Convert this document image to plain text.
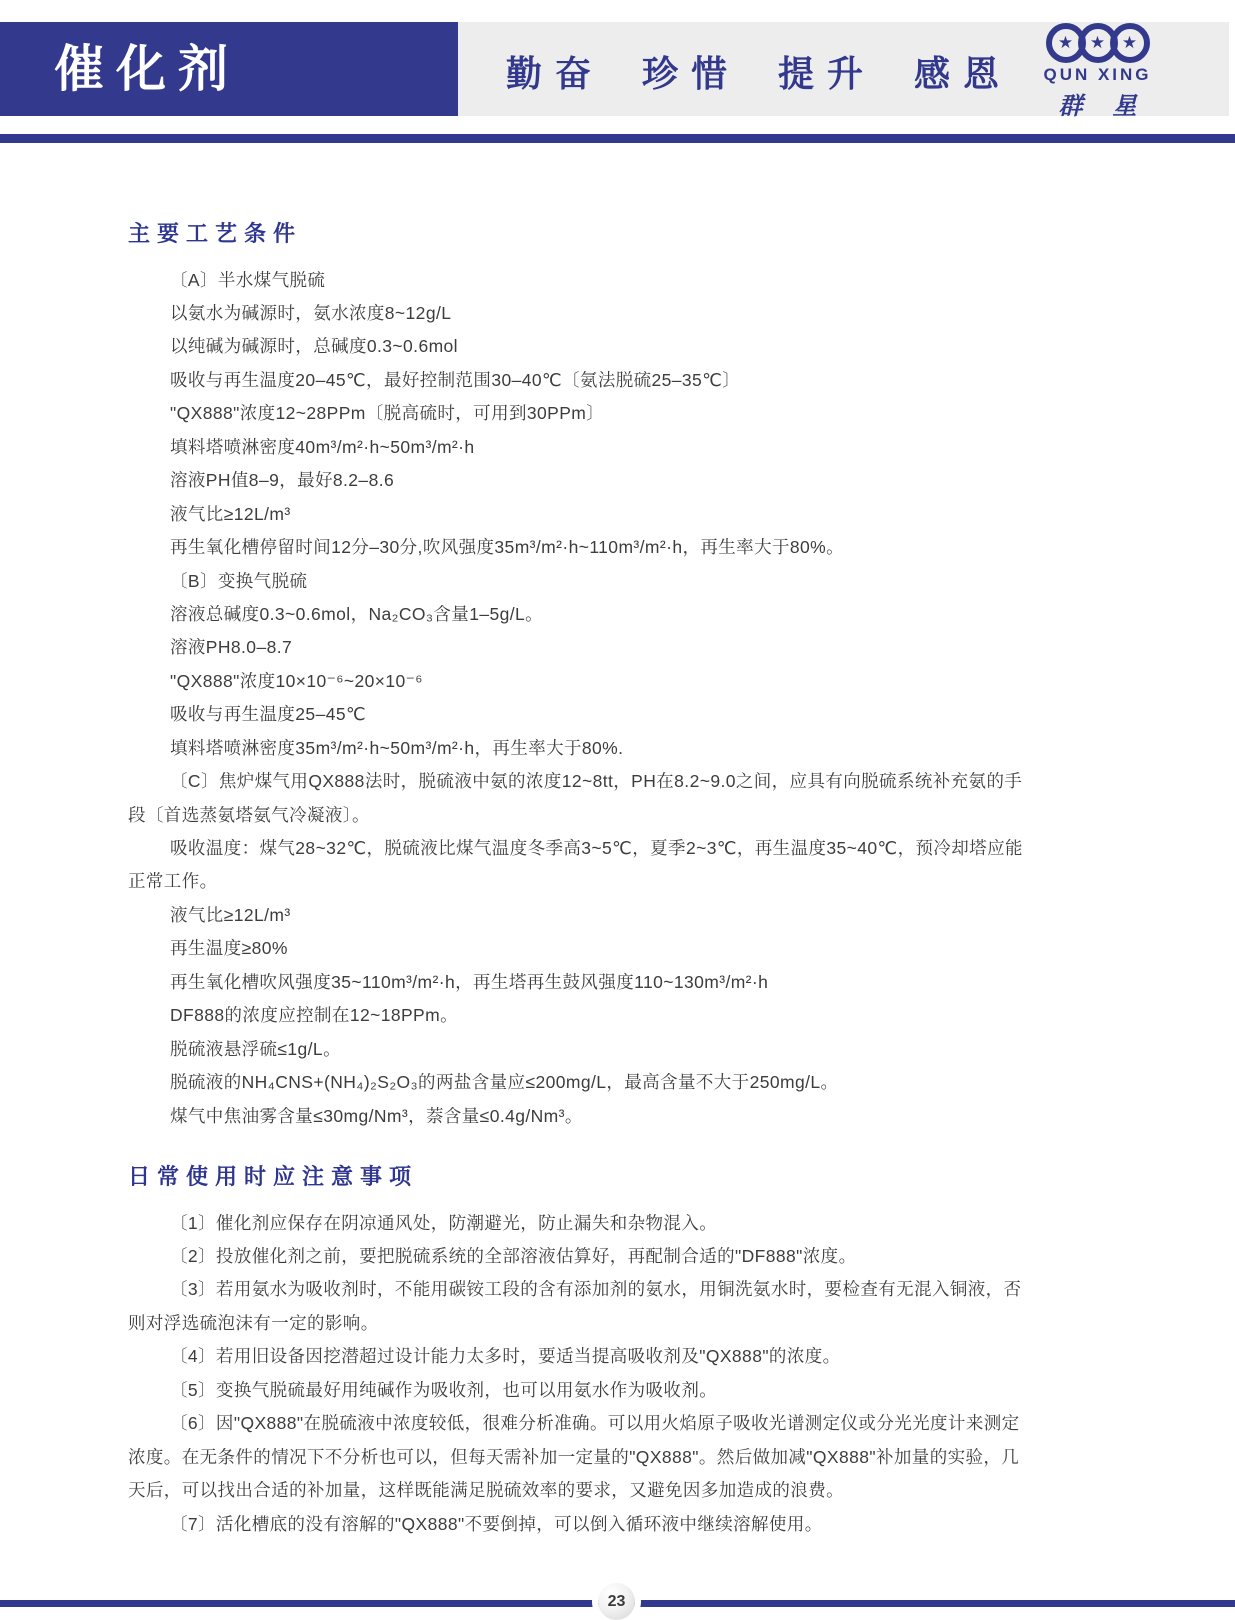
催化剂	勤奋 珍惜 提升 感恩
★ ★ ★
QUN XING
群 星
主要工艺条件
〔A〕半水煤气脱硫
以氨水为碱源时，氨水浓度8~12g/L
以纯碱为碱源时，总碱度0.3~0.6mol
吸收与再生温度20–45℃，最好控制范围30–40℃〔氨法脱硫25–35℃〕
"QX888"浓度12~28PPm〔脱高硫时，可用到30PPm〕
填料塔喷淋密度40m³/m²·h~50m³/m²·h
溶液PH值8–9，最好8.2–8.6
液气比≥12L/m³
再生氧化槽停留时间12分–30分,吹风强度35m³/m²·h~110m³/m²·h，再生率大于80%。
〔B〕变换气脱硫
溶液总碱度0.3~0.6mol，Na₂CO₃含量1–5g/L。
溶液PH8.0–8.7
"QX888"浓度10×10⁻⁶~20×10⁻⁶
吸收与再生温度25–45℃
填料塔喷淋密度35m³/m²·h~50m³/m²·h，再生率大于80%.
〔C〕焦炉煤气用QX888法时，脱硫液中氨的浓度12~8tt，PH在8.2~9.0之间，应具有向脱硫系统补充氨的手
段〔首选蒸氨塔氨气冷凝液〕。
吸收温度：煤气28~32℃，脱硫液比煤气温度冬季高3~5℃，夏季2~3℃，再生温度35~40℃，预冷却塔应能
正常工作。
液气比≥12L/m³
再生温度≥80%
再生氧化槽吹风强度35~110m³/m²·h，再生塔再生鼓风强度110~130m³/m²·h
DF888的浓度应控制在12~18PPm。
脱硫液悬浮硫≤1g/L。
脱硫液的NH₄CNS+(NH₄)₂S₂O₃的两盐含量应≤200mg/L，最高含量不大于250mg/L。
煤气中焦油雾含量≤30mg/Nm³，萘含量≤0.4g/Nm³。
日常使用时应注意事项
〔1〕催化剂应保存在阴凉通风处，防潮避光，防止漏失和杂物混入。
〔2〕投放催化剂之前，要把脱硫系统的全部溶液估算好，再配制合适的"DF888"浓度。
〔3〕若用氨水为吸收剂时，不能用碳铵工段的含有添加剂的氨水，用铜洗氨水时，要检查有无混入铜液，否
则对浮选硫泡沫有一定的影响。
〔4〕若用旧设备因挖潜超过设计能力太多时，要适当提高吸收剂及"QX888"的浓度。
〔5〕变换气脱硫最好用纯碱作为吸收剂，也可以用氨水作为吸收剂。
〔6〕因"QX888"在脱硫液中浓度较低，很难分析准确。可以用火焰原子吸收光谱测定仪或分光光度计来测定
浓度。在无条件的情况下不分析也可以，但每天需补加一定量的"QX888"。然后做加减"QX888"补加量的实验，几
天后，可以找出合适的补加量，这样既能满足脱硫效率的要求，又避免因多加造成的浪费。
〔7〕活化槽底的没有溶解的"QX888"不要倒掉，可以倒入循环液中继续溶解使用。
23
